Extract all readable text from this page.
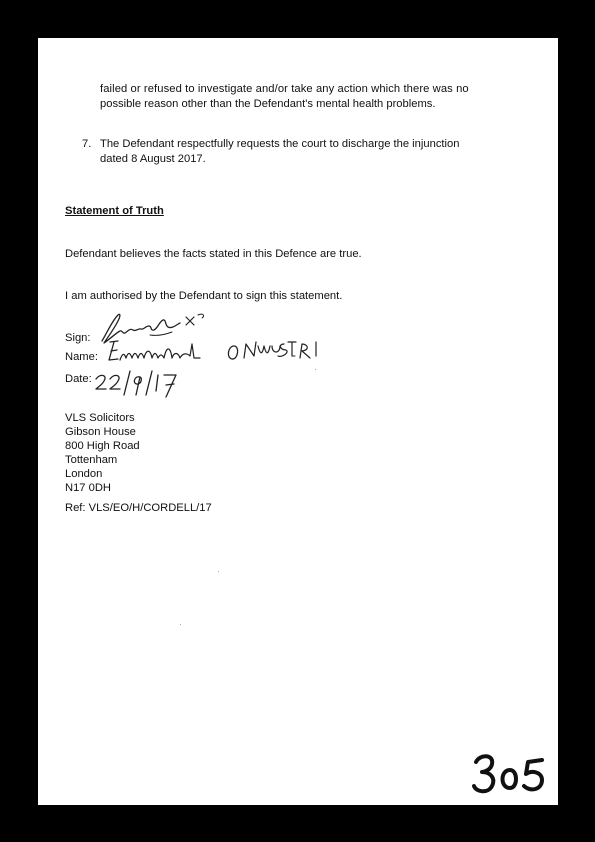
failed or refused to investigate and/or take any action which there was no

possible reason other than the Defendant's mental health problems.

7. The Defendant respectfully requests the court to discharge the injunction

dated 8 August 2017.

Statement of Truth

Defendant believes the facts stated in this Defence are true.

I am authorised by the Defendant to sign this statement.

Sign:

Name:

Date:

VLS Solicitors

Gibson House

800 High Road

Tottenham

London

N17 0DH

Ref: VLS/EO/H/CORDELL/17
